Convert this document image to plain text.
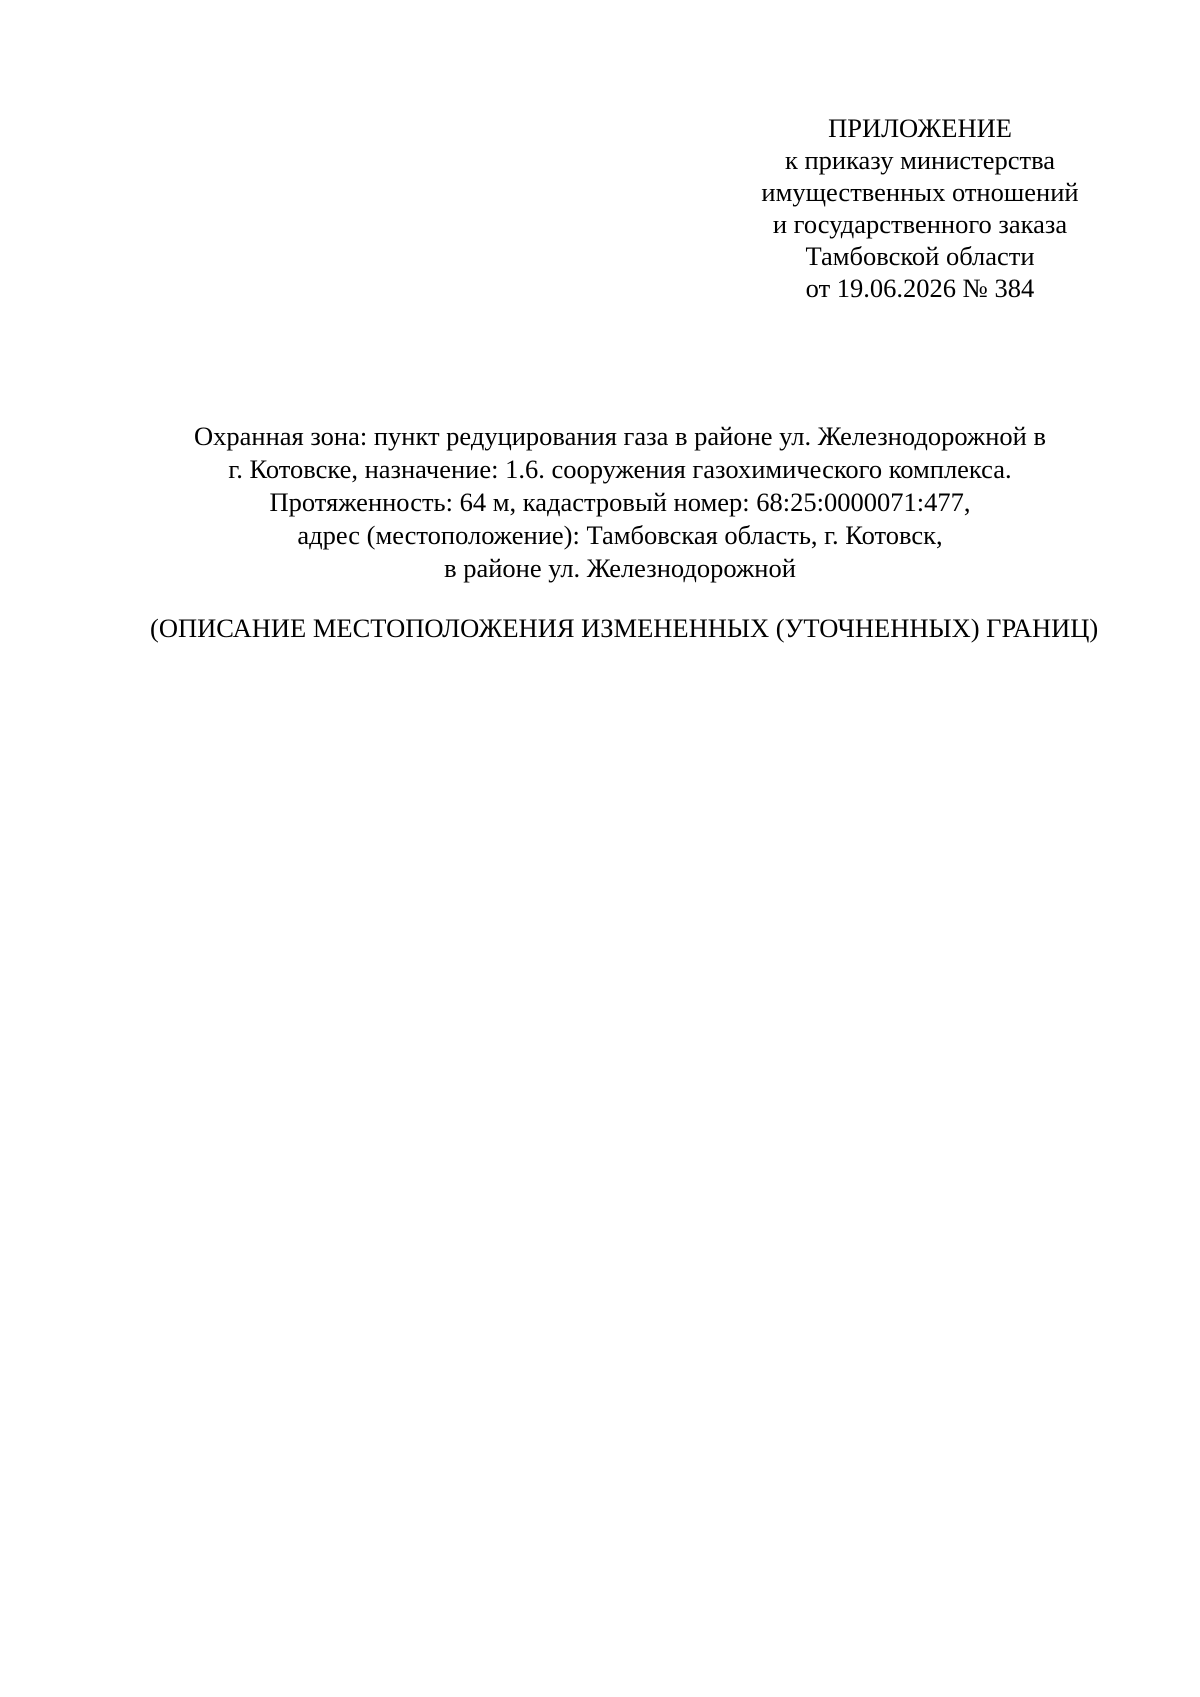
ПРИЛОЖЕНИЕ
к приказу министерства
имущественных отношений
и государственного заказа
Тамбовской области
от 19.06.2026 № 384
Охранная зона: пункт редуцирования газа в районе ул. Железнодорожной в
г. Котовске, назначение: 1.6. сооружения газохимического комплекса.
Протяженность: 64 м, кадастровый номер: 68:25:0000071:477,
адрес (местоположение): Тамбовская область, г. Котовск,
в районе ул. Железнодорожной
(ОПИСАНИЕ МЕСТОПОЛОЖЕНИЯ ИЗМЕНЕННЫХ (УТОЧНЕННЫХ) ГРАНИЦ)
